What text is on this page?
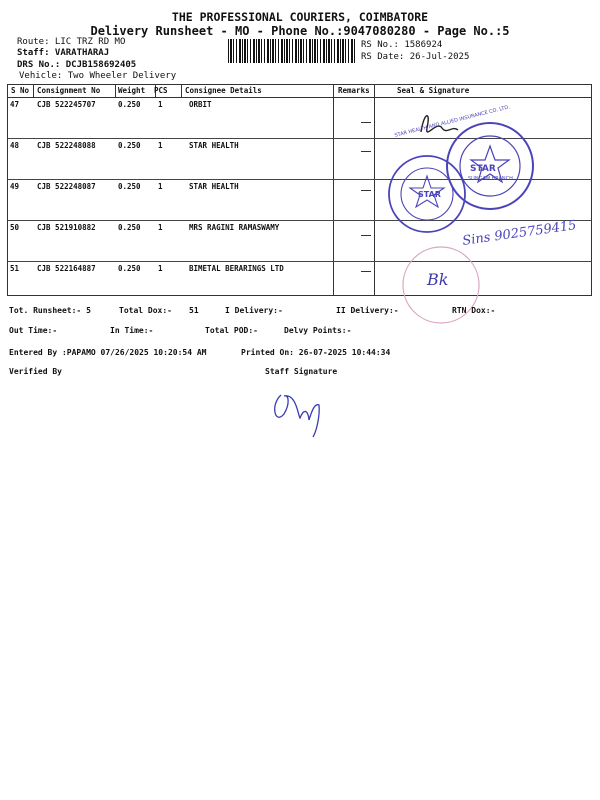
THE PROFESSIONAL COURIERS, COIMBATORE
Delivery Runsheet - MO - Phone No.:9047080280 - Page No.:5
Route: LIC TRZ RD MO
Staff: VARATHARAJ
DRS No.: DCJB158692405
Vehicle: Two Wheeler Delivery
RS No.: 1586924
RS Date: 26-Jul-2025
S No Consignment No Weight PCS Consignee Details	Remarks	Seal & Signature
47 CJB 522245707	0.250 1	ORBIT
48 CJB 522248088	0.250 1	STAR HEALTH
49 CJB 522248087	0.250 1	STAR HEALTH
50 CJB 521910882	0.250 1	MRS RAGINI RAMASWAMY
51 CJB 522164887	0.250 1	BIMETAL BERARINGS LTD
STAR
SUNGAM BRANCH
STAR
STAR HEALTH AND ALLIED INSURANCE CO. LTD.
Sins 9025759415
Bk
Tot. Runsheet:- 5	Total Dox:- 51	I Delivery:-	II Delivery:-	RTN Dox:-
Out Time:-	In Time:-	Total POD:-	Delvy Points:-
Entered By :PAPAMO 07/26/2025 10:20:54 AM	Printed On: 26-07-2025 10:44:34
Verified By	Staff Signature
